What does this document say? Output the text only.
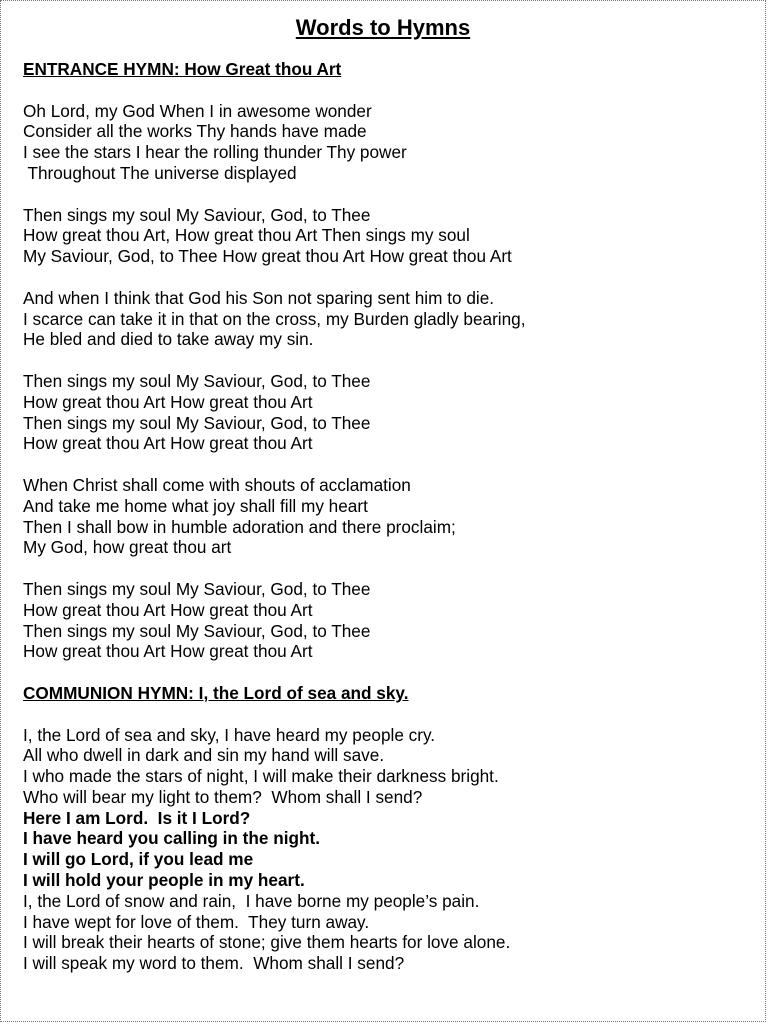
Words to Hymns

ENTRANCE HYMN: How Great thou Art

Oh Lord, my God When I in awesome wonder

Consider all the works Thy hands have made

I see the stars I hear the rolling thunder Thy power

Throughout The universe displayed

Then sings my soul My Saviour, God, to Thee

How great thou Art, How great thou Art Then sings my soul

My Saviour, God, to Thee How great thou Art How great thou Art

And when I think that God his Son not sparing sent him to die.

I scarce can take it in that on the cross, my Burden gladly bearing,

He bled and died to take away my sin.

Then sings my soul My Saviour, God, to Thee

How great thou Art How great thou Art

Then sings my soul My Saviour, God, to Thee

How great thou Art How great thou Art

When Christ shall come with shouts of acclamation

And take me home what joy shall fill my heart

Then I shall bow in humble adoration and there proclaim;

My God, how great thou art

Then sings my soul My Saviour, God, to Thee

How great thou Art How great thou Art

Then sings my soul My Saviour, God, to Thee

How great thou Art How great thou Art

COMMUNION HYMN: I, the Lord of sea and sky.

I, the Lord of sea and sky, I have heard my people cry.

All who dwell in dark and sin my hand will save.

I who made the stars of night, I will make their darkness bright.

Who will bear my light to them?  Whom shall I send?

Here I am Lord.  Is it I Lord?

I have heard you calling in the night.

I will go Lord, if you lead me

I will hold your people in my heart.

I, the Lord of snow and rain,  I have borne my people’s pain.

I have wept for love of them.  They turn away.

I will break their hearts of stone; give them hearts for love alone.

I will speak my word to them.  Whom shall I send?
